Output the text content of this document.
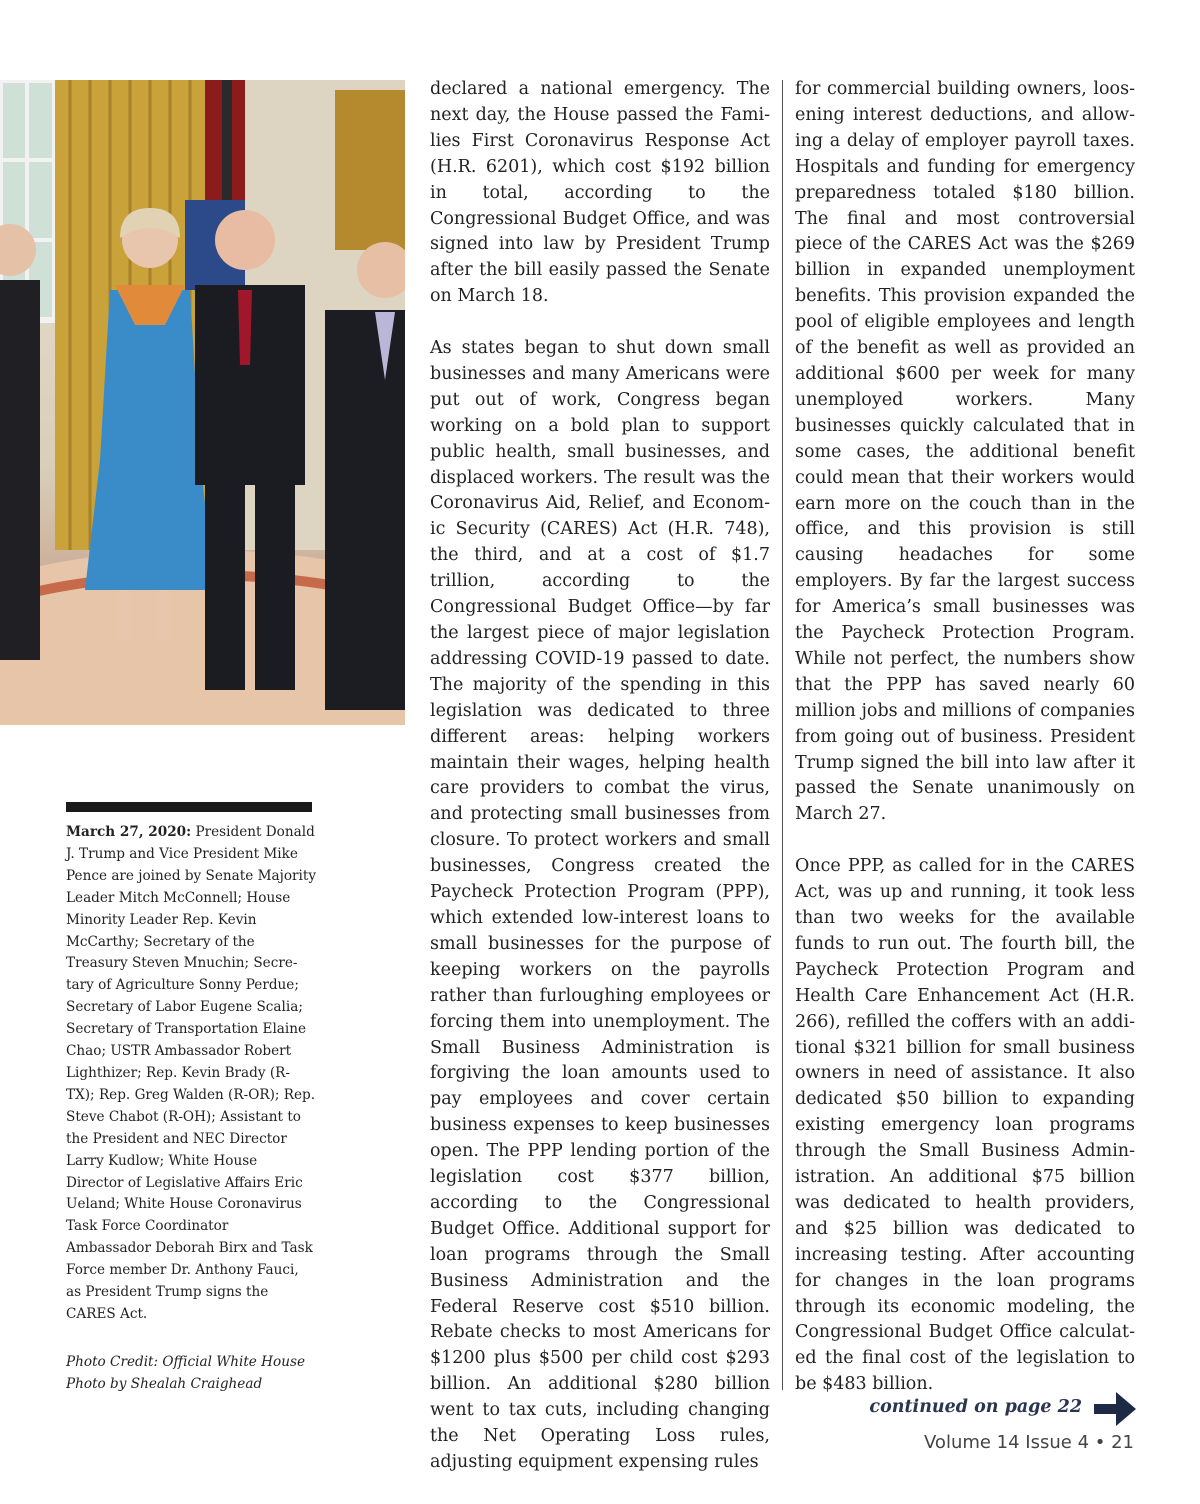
March 27, 2020: President Donald J. Trump and Vice President Mike Pence are joined by Senate Majority Leader Mitch McConnell; House Minority Leader Rep. Kevin McCarthy; Secretary of the Treasury Steven Mnuchin; Secretary of Agriculture Sonny Perdue; Secretary of Labor Eugene Scalia; Secretary of Transportation Elaine Chao; USTR Ambassador Robert Lighthizer; Rep. Kevin Brady (R-TX); Rep. Greg Walden (R-OR); Rep. Steve Chabot (R-OH); Assistant to the President and NEC Director Larry Kudlow; White House Director of Legislative Affairs Eric Ueland; White House Coronavirus Task Force Coordinator Ambassador Deborah Birx and Task Force member Dr. Anthony Fauci, as President Trump signs the CARES Act.
Photo Credit: Official White House Photo by Shealah Craighead

declared a national emergency. The next day, the House passed the Families First Coronavirus Response Act (H.R. 6201), which cost $192 billion in total, according to the Congressional Budget Office, and was signed into law by President Trump after the bill easily passed the Senate on March 18.

As states began to shut down small businesses and many Americans were put out of work, Congress began working on a bold plan to support public health, small businesses, and displaced workers. The result was the Coronavirus Aid, Relief, and Economic Security (CARES) Act (H.R. 748), the third, and at a cost of $1.7 trillion, according to the Congressional Budget Office—by far the largest piece of major legislation addressing COVID-19 passed to date. The majority of the spending in this legislation was dedicated to three different areas: helping workers maintain their wages, helping health care providers to combat the virus, and protecting small businesses from closure. To protect workers and small businesses, Congress created the Paycheck Protection Program (PPP), which extended low-interest loans to small businesses for the purpose of keeping workers on the payrolls rather than furloughing employees or forcing them into unemployment. The Small Business Administration is forgiving the loan amounts used to pay employees and cover certain business expenses to keep businesses open. The PPP lending portion of the legislation cost $377 billion, according to the Congressional Budget Office. Additional support for loan programs through the Small Business Administration and the Federal Reserve cost $510 billion. Rebate checks to most Americans for $1200 plus $500 per child cost $293 billion. An additional $280 billion went to tax cuts, including changing the Net Operating Loss rules, adjusting equipment expensing rules

for commercial building owners, loosening interest deductions, and allowing a delay of employer payroll taxes. Hospitals and funding for emergency preparedness totaled $180 billion. The final and most controversial piece of the CARES Act was the $269 billion in expanded unemployment benefits. This provision expanded the pool of eligible employees and length of the benefit as well as provided an additional $600 per week for many unemployed workers. Many businesses quickly calculated that in some cases, the additional benefit could mean that their workers would earn more on the couch than in the office, and this provision is still causing headaches for some employers. By far the largest success for America’s small businesses was the Paycheck Protection Program. While not perfect, the numbers show that the PPP has saved nearly 60 million jobs and millions of companies from going out of business. President Trump signed the bill into law after it passed the Senate unanimously on March 27.

Once PPP, as called for in the CARES Act, was up and running, it took less than two weeks for the available funds to run out. The fourth bill, the Paycheck Protection Program and Health Care Enhancement Act (H.R. 266), refilled the coffers with an additional $321 billion for small business owners in need of assistance. It also dedicated $50 billion to expanding existing emergency loan programs through the Small Business Administration. An additional $75 billion was dedicated to health providers, and $25 billion was dedicated to increasing testing. After accounting for changes in the loan programs through its economic modeling, the Congressional Budget Office calculated the final cost of the legislation to be $483 billion.

continued on page 22
Volume 14 Issue 4 • 21
